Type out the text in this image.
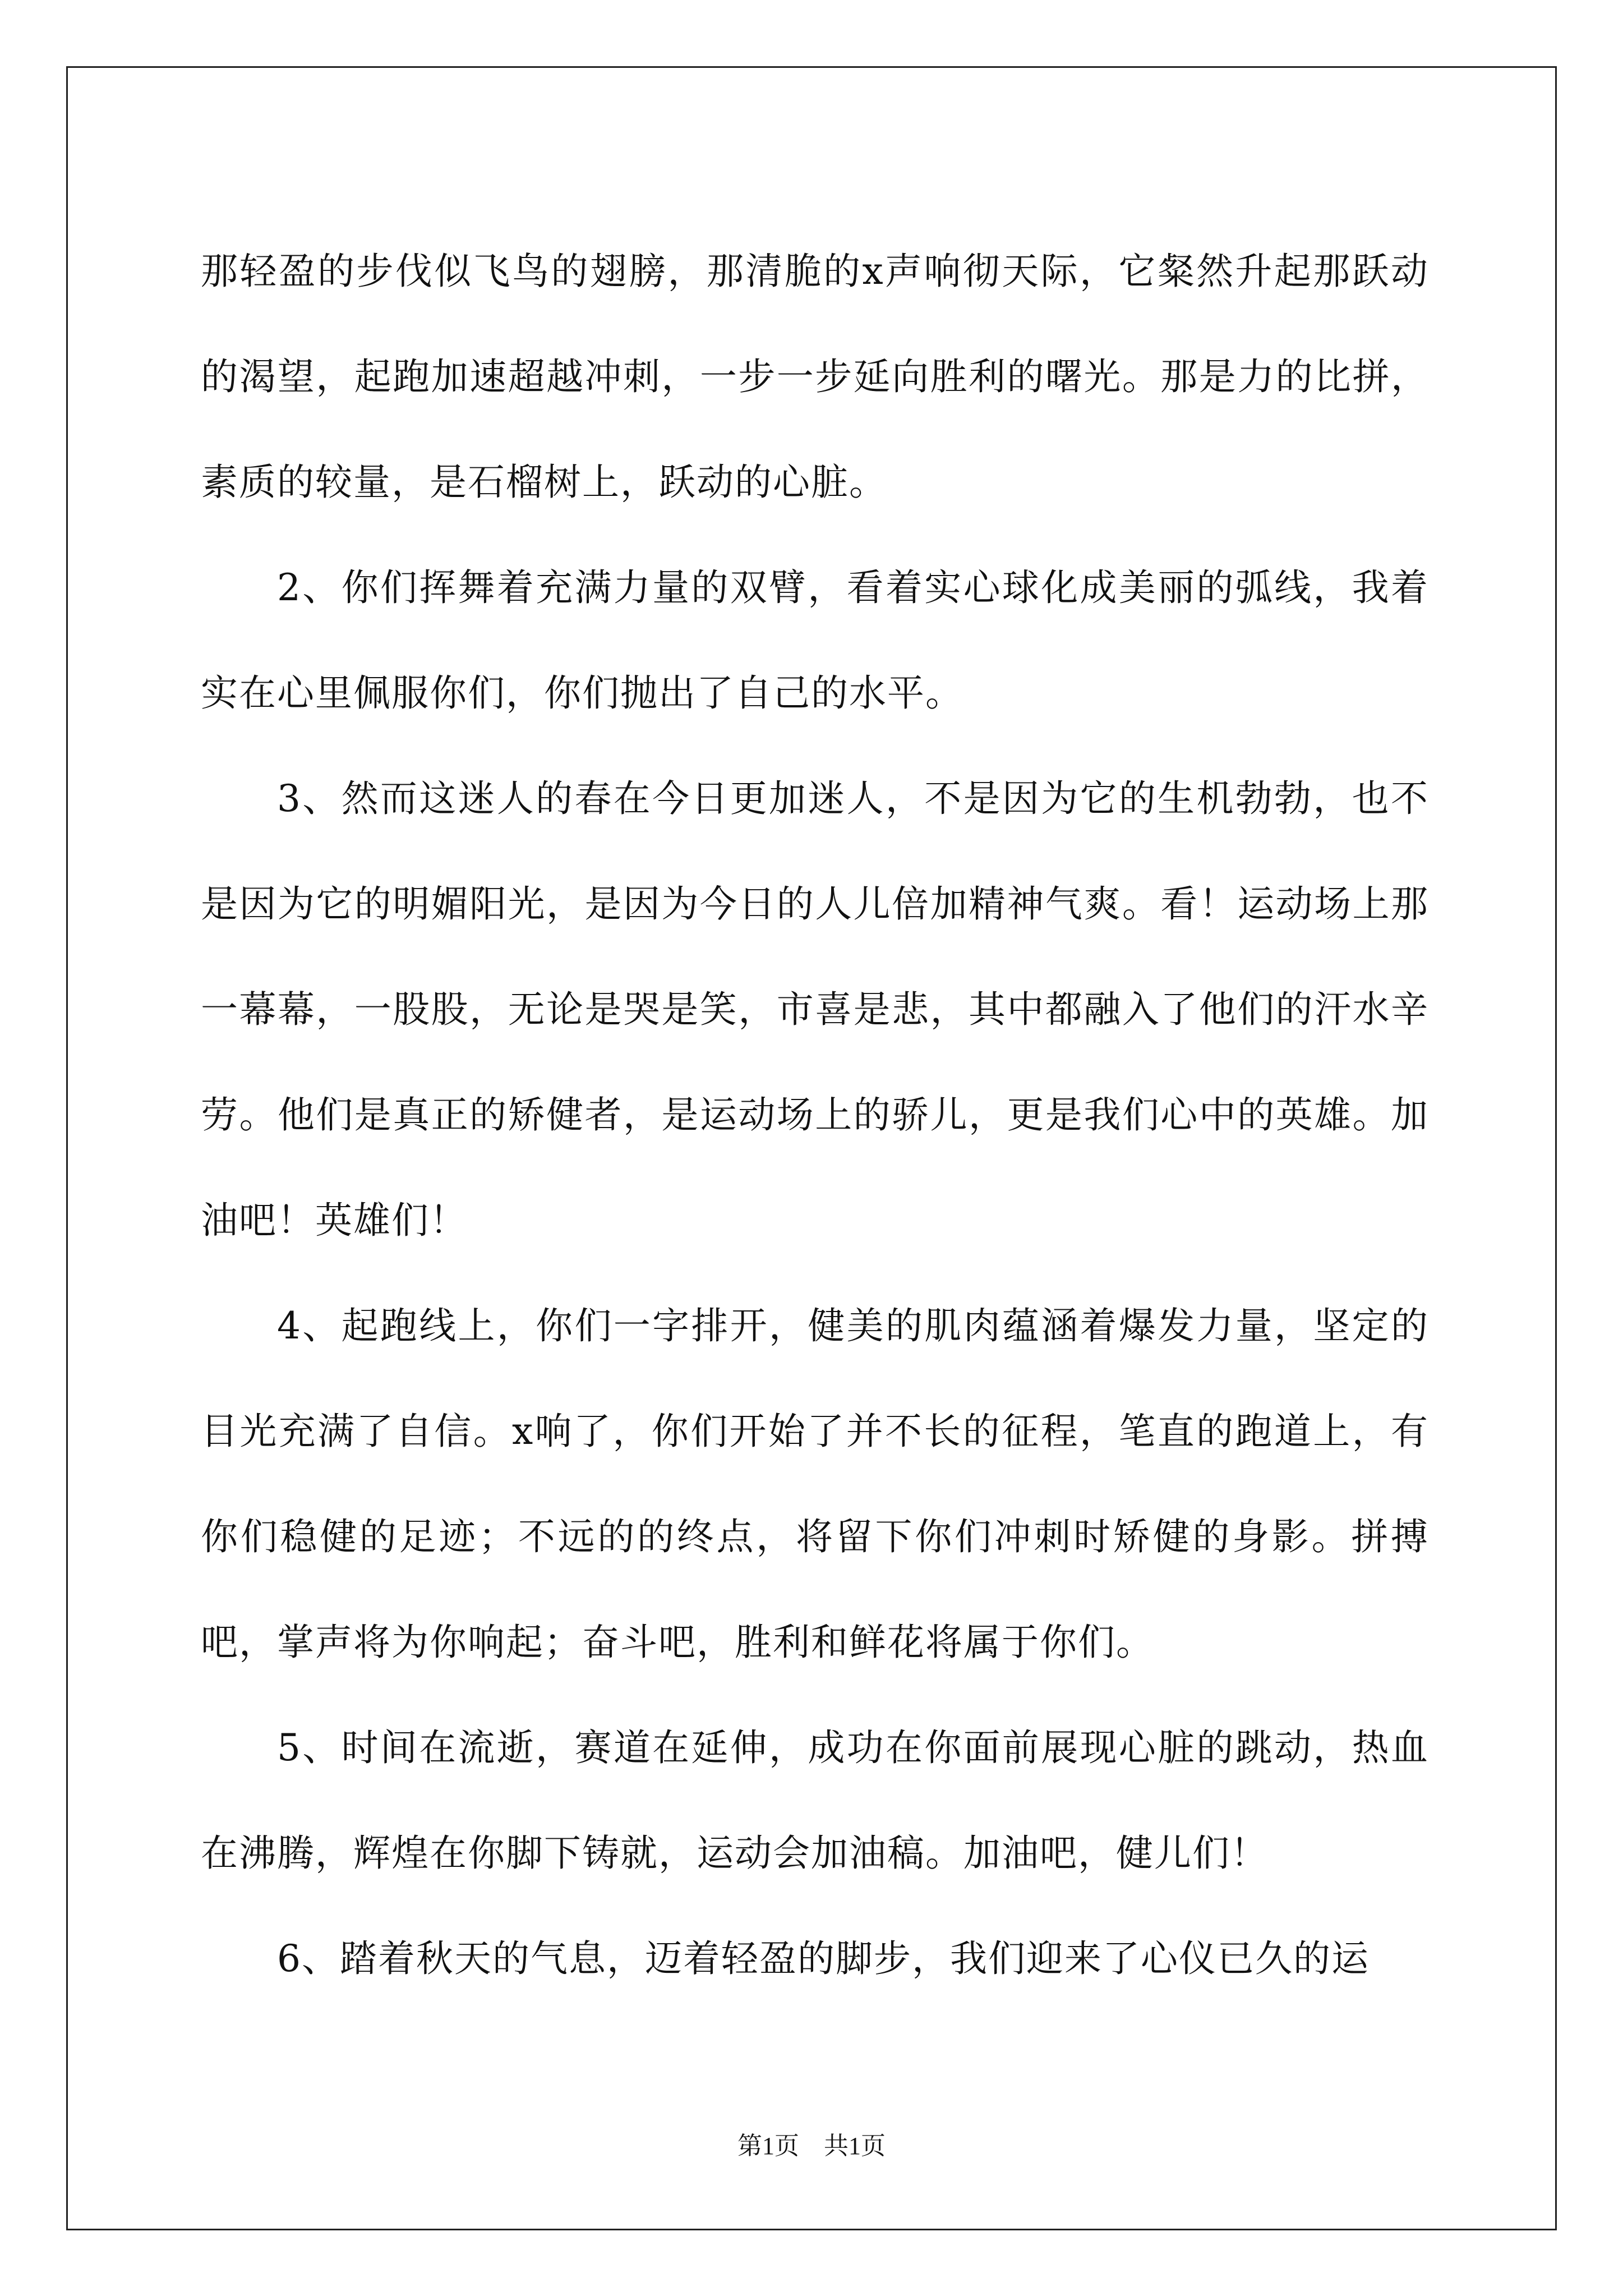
那轻盈的步伐似飞鸟的翅膀，那清脆的x声响彻天际，它粲然升起那跃动的渴望，起跑加速超越冲刺，一步一步延向胜利的曙光。那是力的比拼，素质的较量，是石榴树上，跃动的心脏。

2、你们挥舞着充满力量的双臂，看着实心球化成美丽的弧线，我着实在心里佩服你们，你们抛出了自己的水平。

3、然而这迷人的春在今日更加迷人，不是因为它的生机勃勃，也不是因为它的明媚阳光，是因为今日的人儿倍加精神气爽。看！运动场上那一幕幕，一股股，无论是哭是笑，市喜是悲，其中都融入了他们的汗水辛劳。他们是真正的矫健者，是运动场上的骄儿，更是我们心中的英雄。加油吧！英雄们！

4、起跑线上，你们一字排开，健美的肌肉蕴涵着爆发力量，坚定的目光充满了自信。x响了，你们开始了并不长的征程，笔直的跑道上，有你们稳健的足迹；不远的的终点，将留下你们冲刺时矫健的身影。拼搏吧，掌声将为你响起；奋斗吧，胜利和鲜花将属于你们。

5、时间在流逝，赛道在延伸，成功在你面前展现心脏的跳动，热血在沸腾，辉煌在你脚下铸就，运动会加油稿。加油吧，健儿们！

6、踏着秋天的气息，迈着轻盈的脚步，我们迎来了心仪已久的运

第1页　共1页
